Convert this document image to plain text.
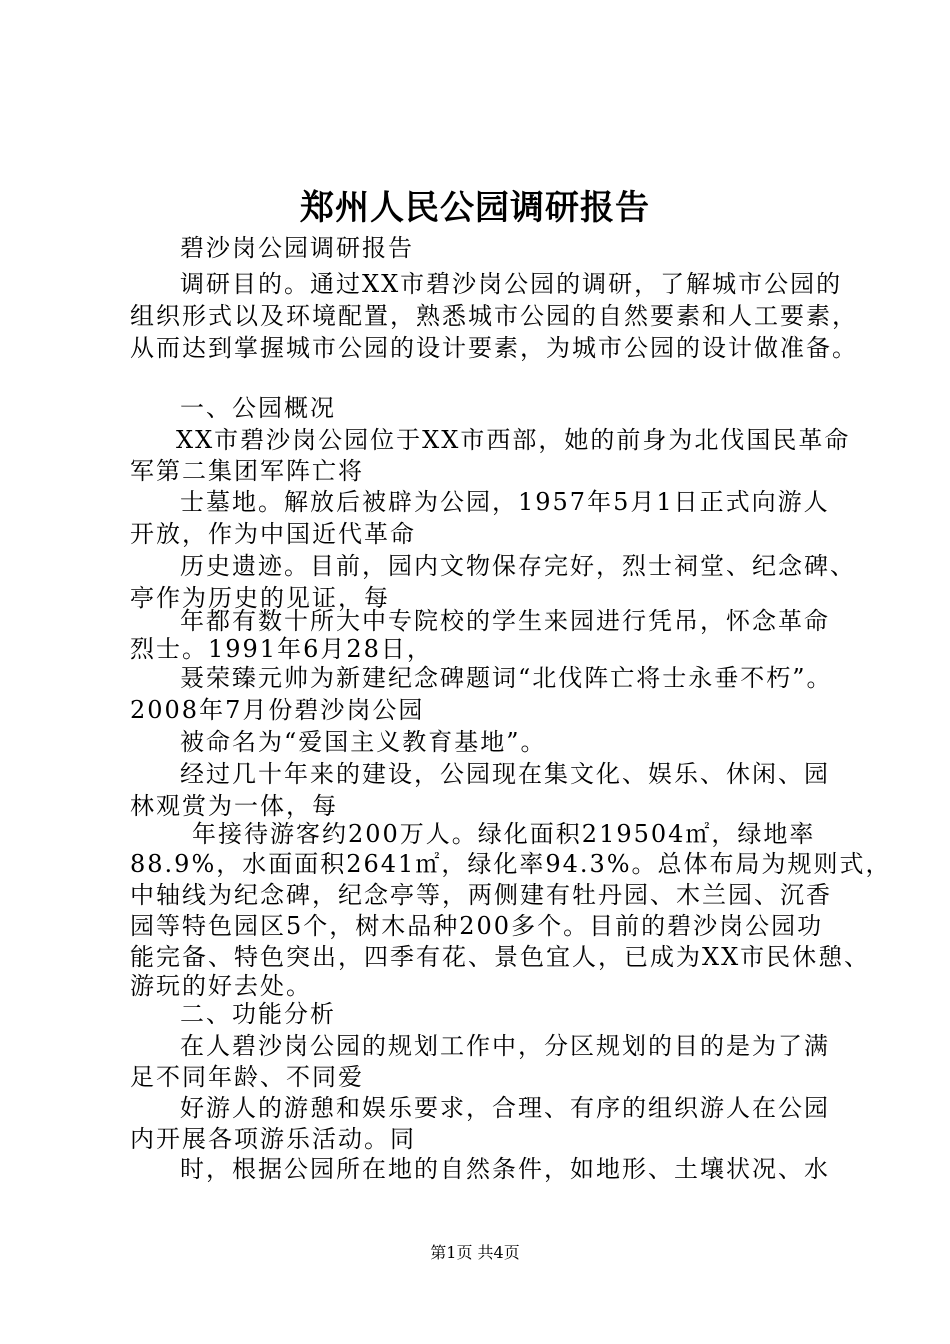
郑州人民公园调研报告
碧沙岗公园调研报告
调研目的。通过XX市碧沙岗公园的调研，了解城市公园的
组织形式以及环境配置，熟悉城市公园的自然要素和人工要素，
从而达到掌握城市公园的设计要素，为城市公园的设计做准备。
一、公园概况
XX市碧沙岗公园位于XX市西部，她的前身为北伐国民革命
军第二集团军阵亡将
士墓地。解放后被辟为公园，1957年5月1日正式向游人
开放，作为中国近代革命
历史遗迹。目前，园内文物保存完好，烈士祠堂、纪念碑、
亭作为历史的见证，每
年都有数十所大中专院校的学生来园进行凭吊，怀念革命
烈士。1991年6月28日，
聂荣臻元帅为新建纪念碑题词“北伐阵亡将士永垂不朽”。
2008年7月份碧沙岗公园
被命名为“爱国主义教育基地”。
经过几十年来的建设，公园现在集文化、娱乐、休闲、园
林观赏为一体，每
年接待游客约200万人。绿化面积219504㎡，绿地率
88.9%，水面面积2641㎡，绿化率94.3%。总体布局为规则式，
中轴线为纪念碑，纪念亭等，两侧建有牡丹园、木兰园、沉香
园等特色园区5个，树木品种200多个。目前的碧沙岗公园功
能完备、特色突出，四季有花、景色宜人，已成为XX市民休憩、
游玩的好去处。
二、功能分析
在人碧沙岗公园的规划工作中，分区规划的目的是为了满
足不同年龄、不同爱
好游人的游憩和娱乐要求，合理、有序的组织游人在公园
内开展各项游乐活动。同
时，根据公园所在地的自然条件，如地形、土壤状况、水
第1页 共4页
